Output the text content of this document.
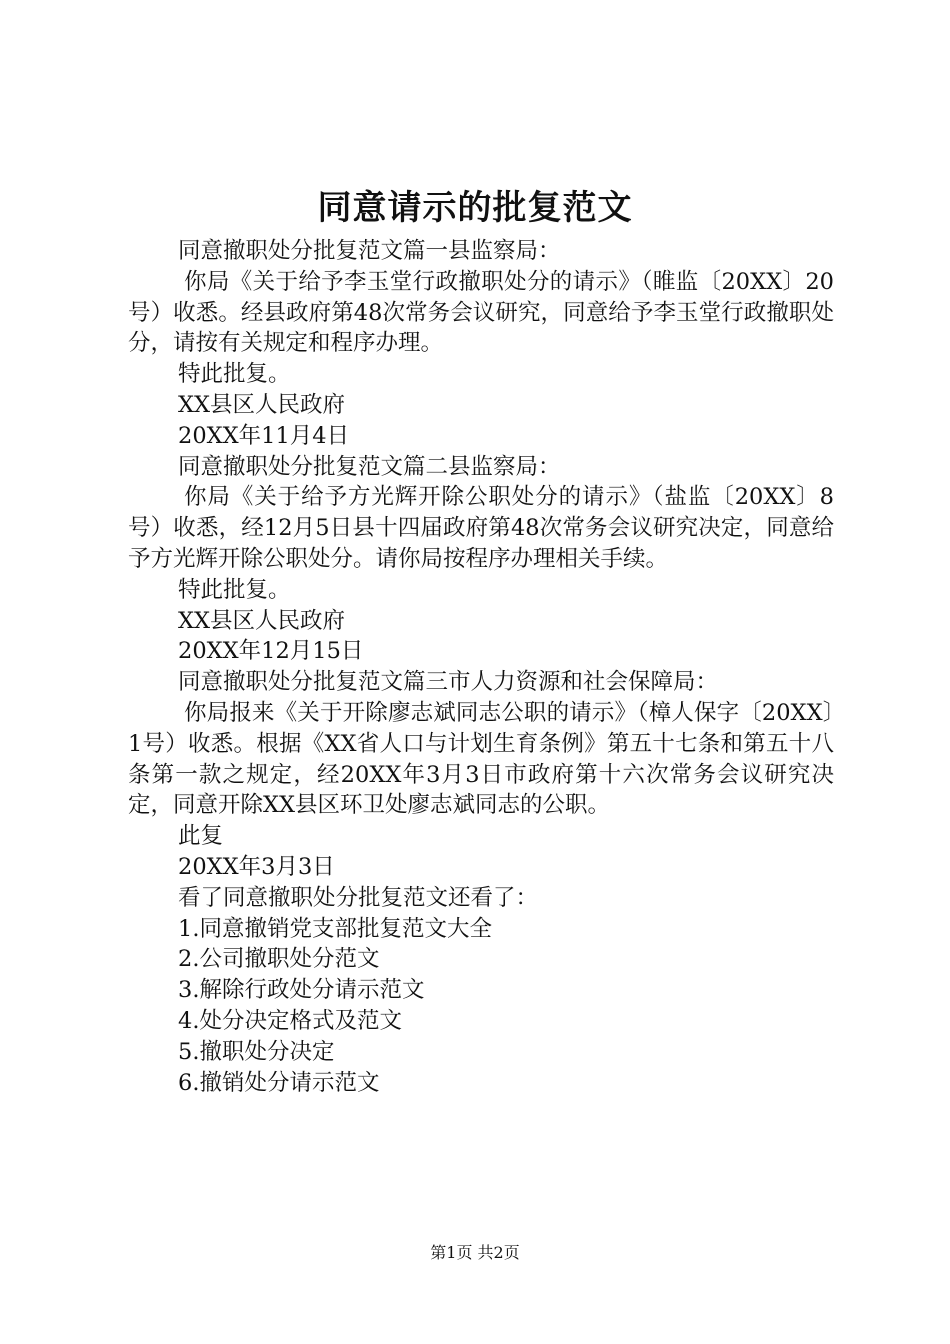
同意请示的批复范文
同意撤职处分批复范文篇一县监察局：

你局《关于给予李玉堂行政撤职处分的请示》（睢监〔20XX〕20号）收悉。经县政府第48次常务会议研究，同意给予李玉堂行政撤职处分，请按有关规定和程序办理。

特此批复。
XX县区人民政府
20XX年11月4日
同意撤职处分批复范文篇二县监察局：

你局《关于给予方光辉开除公职处分的请示》（盐监〔20XX〕8号）收悉，经12月5日县十四届政府第48次常务会议研究决定，同意给予方光辉开除公职处分。请你局按程序办理相关手续。

特此批复。
XX县区人民政府
20XX年12月15日
同意撤职处分批复范文篇三市人力资源和社会保障局：

你局报来《关于开除廖志斌同志公职的请示》（樟人保字〔20XX〕1号）收悉。根据《XX省人口与计划生育条例》第五十七条和第五十八条第一款之规定，经20XX年3月3日市政府第十六次常务会议研究决定，同意开除XX县区环卫处廖志斌同志的公职。

此复
20XX年3月3日
看了同意撤职处分批复范文还看了：
1.同意撤销党支部批复范文大全
2.公司撤职处分范文
3.解除行政处分请示范文
4.处分决定格式及范文
5.撤职处分决定
6.撤销处分请示范文
第1页 共2页
